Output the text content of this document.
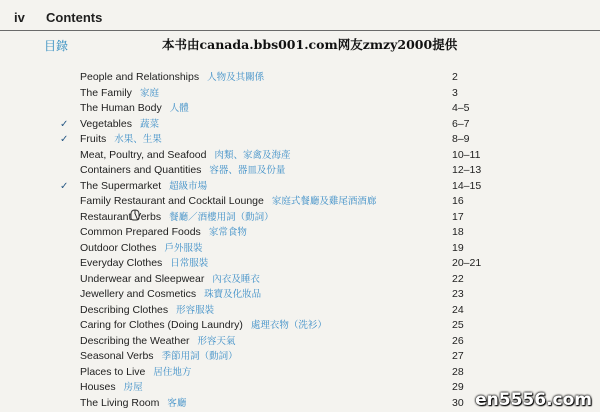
iv Contents
目錄	本书由canada.bbs001.com网友zmzy2000提供
People and Relationships 人物及其關係	2
The Family 家庭	3
The Human Body 人體	4–5
✓ Vegetables 蔬菜	6–7
✓ Fruits 水果、生果	8–9
Meat, Poultry, and Seafood 肉類、家禽及海產	10–11
Containers and Quantities 容器、器皿及份量	12–13
✓ The Supermarket 超級市場	14–15
Family Restaurant and Cocktail Lounge 家庭式餐廳及雞尾酒酒廊	16
Restaurant Verbs 餐廳／酒樓用詞（動詞）	17
Common Prepared Foods 家常食物	18
Outdoor Clothes 戶外服裝	19
Everyday Clothes 日常服裝	20–21
Underwear and Sleepwear 內衣及睡衣	22
Jewellery and Cosmetics 珠寶及化妝品	23
Describing Clothes 形容服裝	24
Caring for Clothes (Doing Laundry) 處理衣物（洗衫）	25
Describing the Weather 形容天氣	26
Seasonal Verbs 季節用詞（動詞）	27
Places to Live 居住地方	28
Houses 房屋	29
The Living Room 客廳	30 en5556.com
